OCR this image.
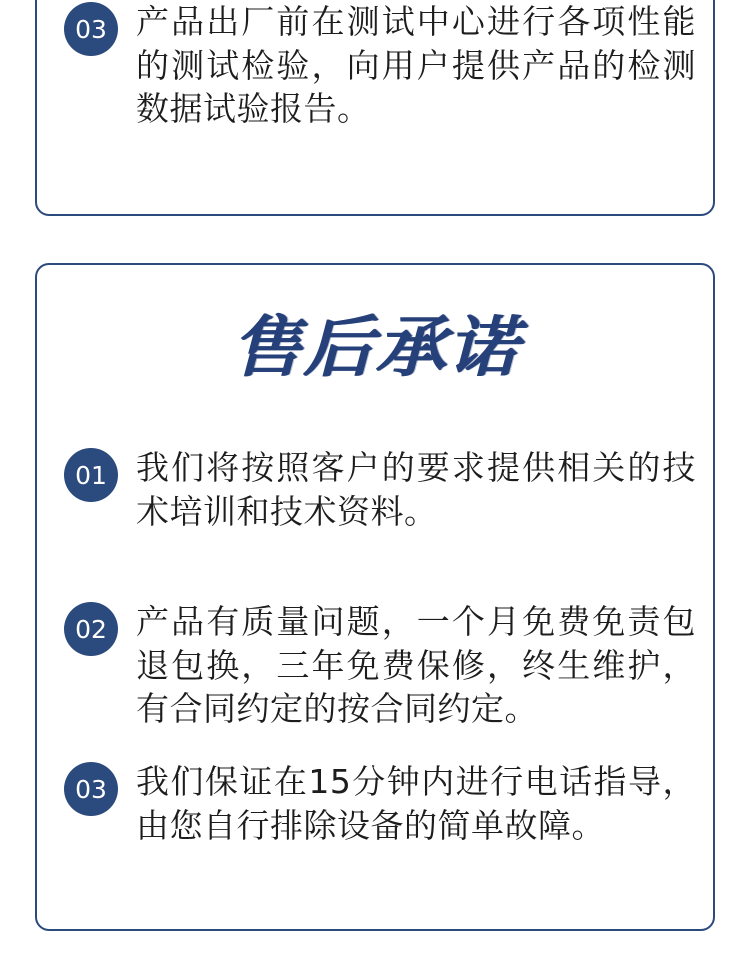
03 产品出厂前在测试中心进行各项性能的测试检验，向用户提供产品的检测数据试验报告。
售后承诺
01 我们将按照客户的要求提供相关的技术培训和技术资料。
02 产品有质量问题，一个月免费免责包退包换，三年免费保修，终生维护，有合同约定的按合同约定。
03 我们保证在15分钟内进行电话指导，由您自行排除设备的简单故障。
